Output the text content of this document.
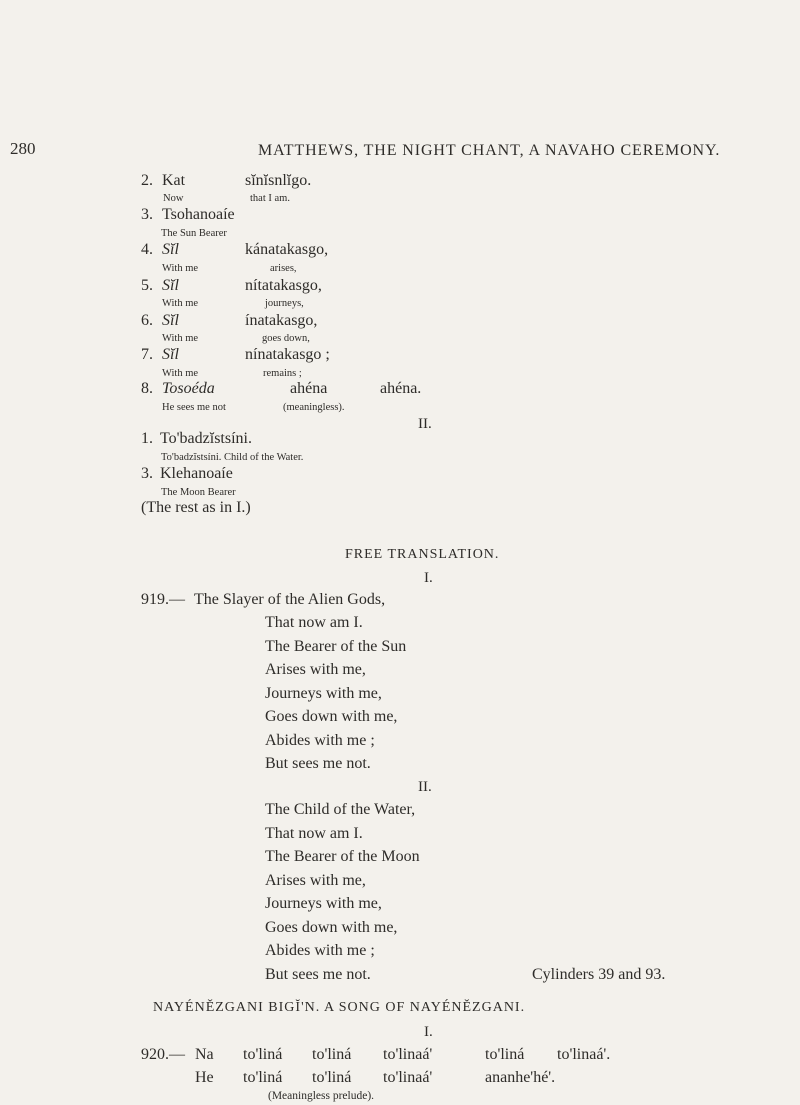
280	MATTHEWS, THE NIGHT CHANT, A NAVAHO CEREMONY.
2. Kat	sĭnĭsnlĭgo.
Now	that I am.
3. Tsohanoaíe
The Sun Bearer
4. Sĭl	kánatakasgo,
With me	arises,
5. Sĭl	nítatakasgo,
With me	journeys,
6. Sĭl	ínatakasgo,
With me	goes down,
7. Sĭl	nínatakasgo ;
With me	remains ;
8. Tosoéda	ahéna	ahéna.
He sees me not	(meaningless).
II.
1. To'badzĭstsíni.
To'badzĭstsíni. Child of the Water.
3. Klehanoaíe
The Moon Bearer
(The rest as in I.)
FREE TRANSLATION.
I.
919.— The Slayer of the Alien Gods,
That now am I.
The Bearer of the Sun
Arises with me,
Journeys with me,
Goes down with me,
Abides with me ;
But sees me not.
II.
The Child of the Water,
That now am I.
The Bearer of the Moon
Arises with me,
Journeys with me,
Goes down with me,
Abides with me ;
But sees me not.	Cylinders 39 and 93.
NAYÉNĚZGANI BIGĬ'N. A SONG OF NAYÉNĚZGANI.
I.
920.— Na to'liná to'liná to'linaá'	to'liná to'linaá'.
He to'liná to'liná to'linaá'	ananhe'hé'.
(Meaningless prelude).
